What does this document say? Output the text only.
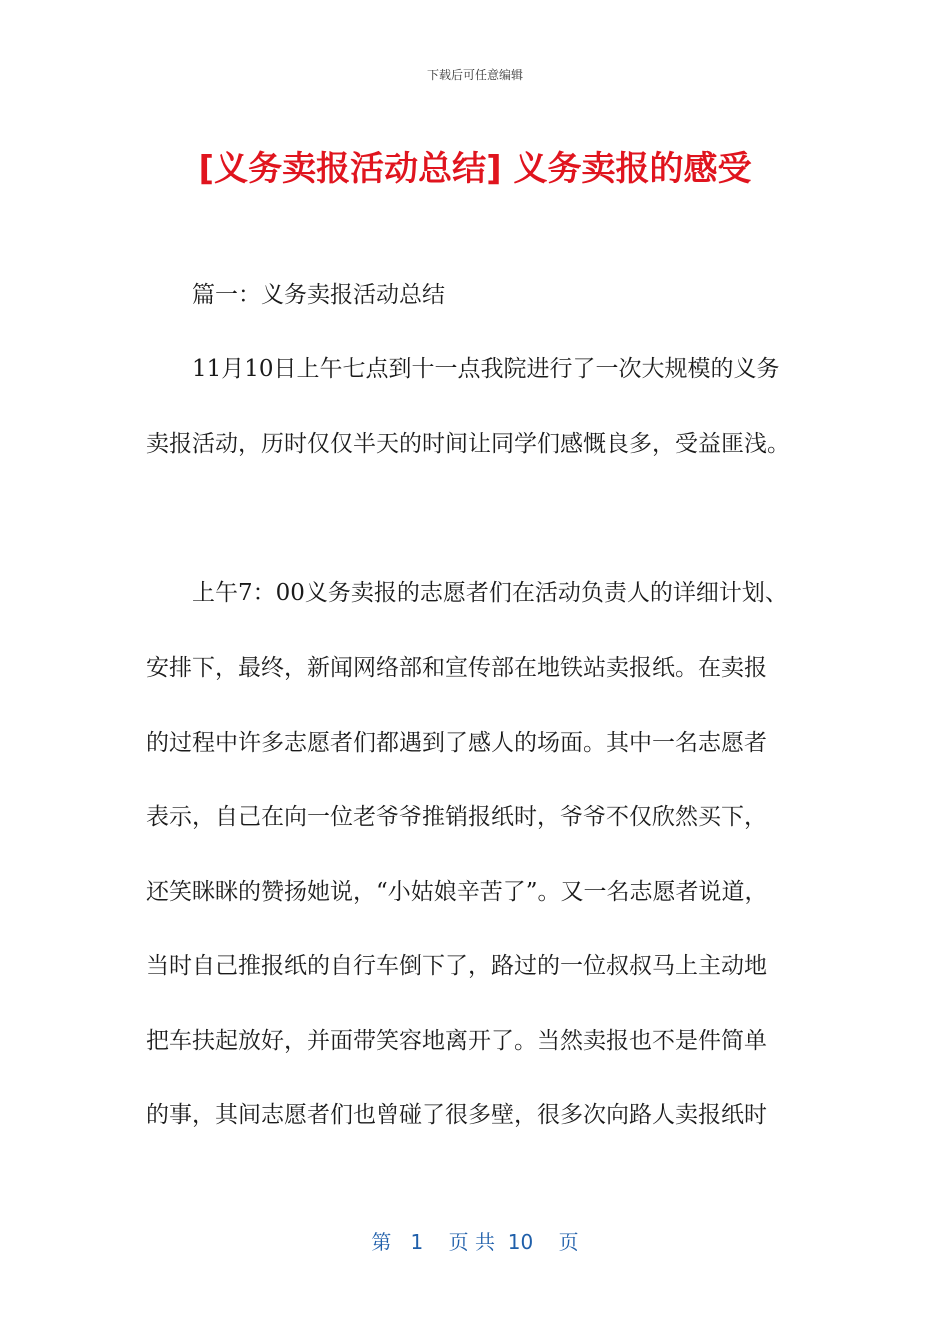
下载后可任意编辑
[义务卖报活动总结] 义务卖报的感受
篇一：义务卖报活动总结
11月10日上午七点到十一点我院进行了一次大规模的义务
卖报活动，历时仅仅半天的时间让同学们感慨良多，受益匪浅。
上午7：00义务卖报的志愿者们在活动负责人的详细计划、
安排下，最终，新闻网络部和宣传部在地铁站卖报纸。在卖报
的过程中许多志愿者们都遇到了感人的场面。其中一名志愿者
表示，自己在向一位老爷爷推销报纸时，爷爷不仅欣然买下，
还笑眯眯的赞扬她说，“小姑娘辛苦了”。又一名志愿者说道，
当时自己推报纸的自行车倒下了，路过的一位叔叔马上主动地
把车扶起放好，并面带笑容地离开了。当然卖报也不是件简单
的事，其间志愿者们也曾碰了很多壁，很多次向路人卖报纸时
第 1 页 共 10 页
